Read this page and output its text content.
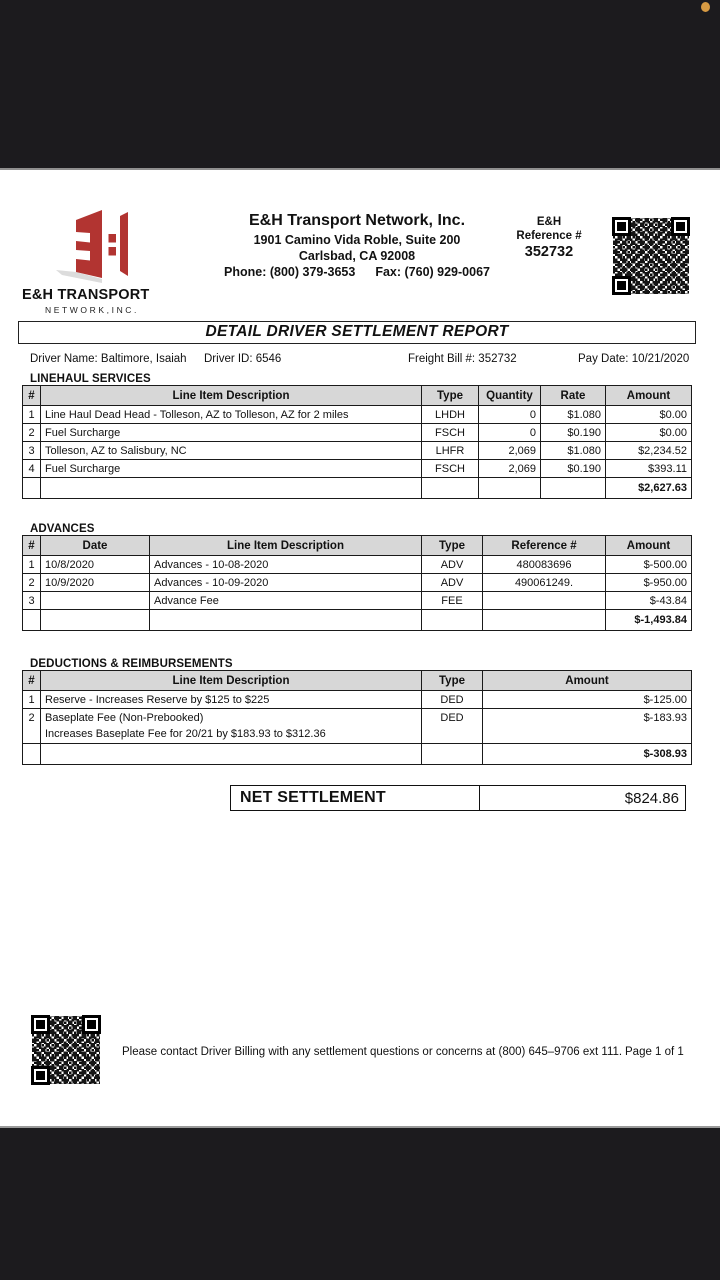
E&H TRANSPORT
NETWORK,INC.
E&H Transport Network, Inc.
1901 Camino Vida Roble, Suite 200
Carlsbad, CA 92008
Phone: (800) 379-3653 Fax: (760) 929-0067
E&H
Reference #
352732
DETAIL DRIVER SETTLEMENT REPORT
Driver Name: Baltimore, Isaiah Driver ID: 6546	Freight Bill #: 352732	Pay Date: 10/21/2020
LINEHAUL SERVICES
#	Line Item Description	Type	Quantity	Rate	Amount
1	Line Haul Dead Head - Tolleson, AZ to Tolleson, AZ for 2 miles	LHDH	0	$1.080	$0.00
2	Fuel Surcharge	FSCH	0	$0.190	$0.00
3	Tolleson, AZ to Salisbury, NC	LHFR	2,069	$1.080	$2,234.52
4	Fuel Surcharge	FSCH	2,069	$0.190	$393.11
					$2,627.63
ADVANCES
#	Date	Line Item Description	Type	Reference #	Amount
1	10/8/2020	Advances - 10-08-2020	ADV	480083696	$-500.00
2	10/9/2020	Advances - 10-09-2020	ADV	490061249.	$-950.00
3		Advance Fee	FEE		$-43.84
					$-1,493.84
DEDUCTIONS & REIMBURSEMENTS
#	Line Item Description	Type	Amount
1	Reserve - Increases Reserve by $125 to $225	DED	$-125.00
2	Baseplate Fee (Non-Prebooked)
Increases Baseplate Fee for 20/21 by $183.93 to $312.36	DED	$-183.93
			$-308.93
NET SETTLEMENT	$824.86
Please contact Driver Billing with any settlement questions or concerns at (800) 645–9706 ext 111. Page 1 of 1
